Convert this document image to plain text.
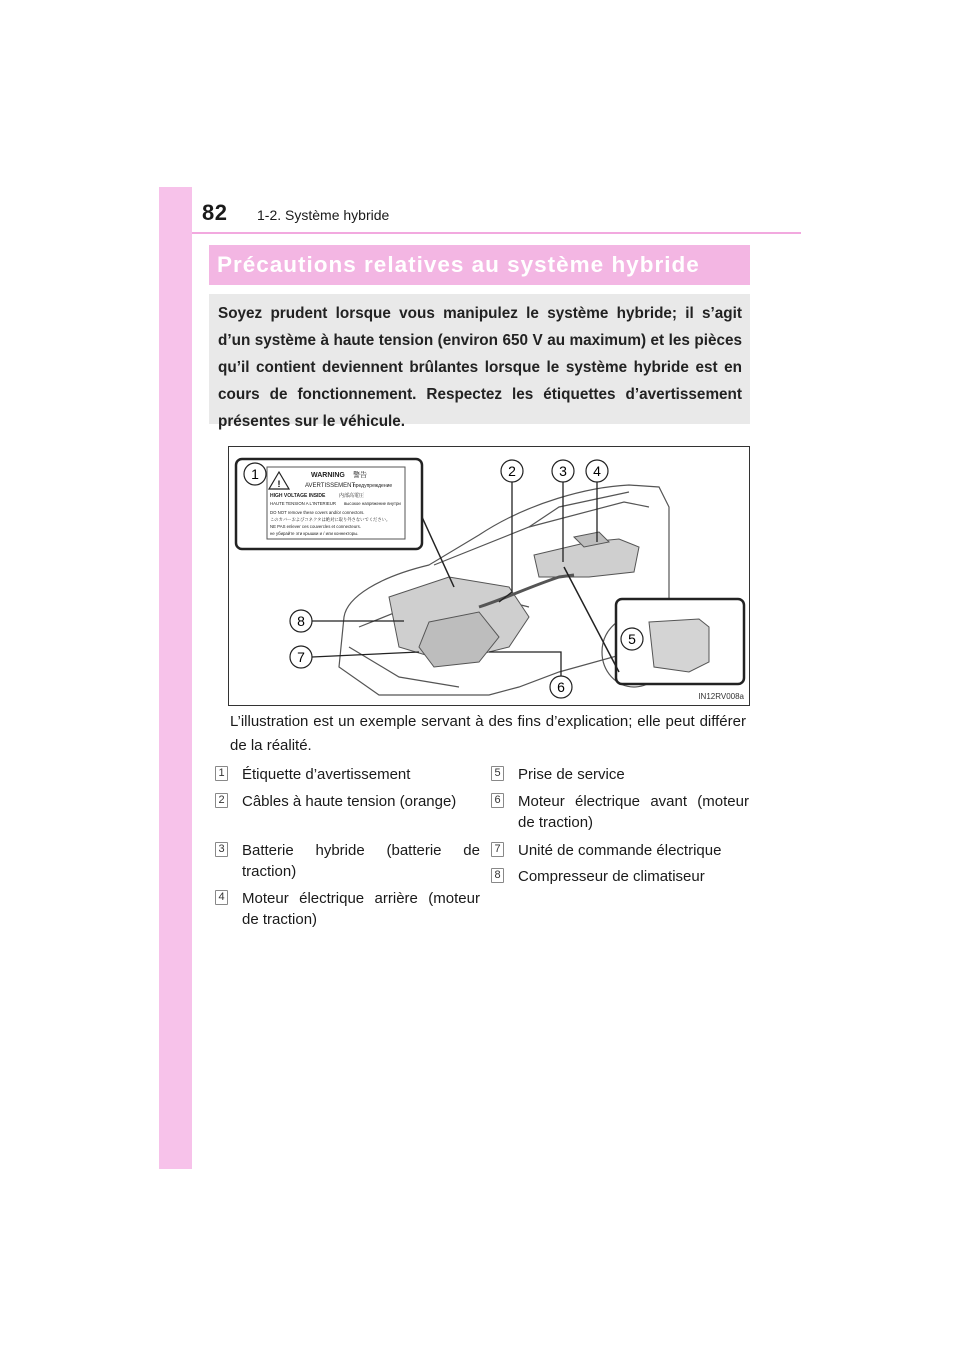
82 1-2. Système hybride
Précautions relatives au système hybride
Soyez prudent lorsque vous manipulez le système hybride; il s’agit d’un système à haute tension (environ 650 V au maximum) et les pièces qu’il contient deviennent brûlantes lorsque le système hybride est en cours de fonctionnement. Respectez les étiquettes d’avertissement présentes sur le véhicule.
1
!
WARNING 警告
AVERTISSEMENT
предупреждение
HIGH VOLTAGE INSIDE	内部高電圧
HAUTE TENSION A L'INTERIEUR высокое напряжение внутри
DO NOT remove these covers and/or connectors.
このカバーおよびコネクタは絶対に取り外さないでください。
NE PAS enlever ces couvercles et connecteurs.
не убирайте эти крышки и / или коннекторы.
5
2	3 4
8
7
6
IN12RV008a
L’illustration est un exemple servant à des fins d’explication; elle peut différer de la réalité.
1 Étiquette d’avertissement
2 Câbles à haute tension (orange)
3 Batterie hybride (batterie de traction)
4 Moteur électrique arrière (moteur de traction)
5 Prise de service
6 Moteur électrique avant (moteur de traction)
7 Unité de commande électrique
8 Compresseur de climatiseur
